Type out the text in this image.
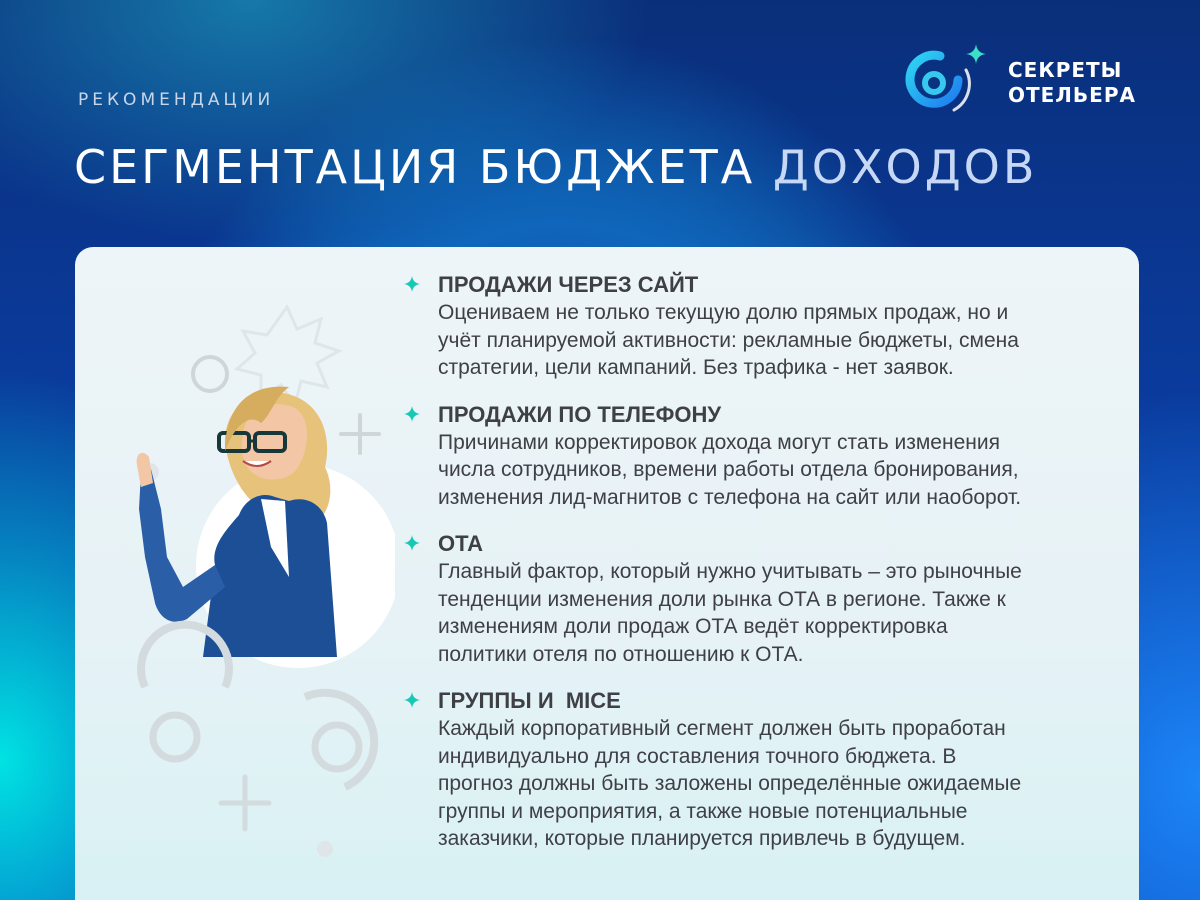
РЕКОМЕНДАЦИИ
СЕГМЕНТАЦИЯ БЮДЖЕТА ДОХОДОВ
СЕКРЕТЫ
ОТЕЛЬЕРА
ПРОДАЖИ ЧЕРЕЗ САЙТ
Оцениваем не только текущую долю прямых продаж, но и
учёт планируемой активности: рекламные бюджеты, смена
стратегии, цели кампаний. Без трафика - нет заявок.
ПРОДАЖИ ПО ТЕЛЕФОНУ
Причинами корректировок дохода могут стать изменения
числа сотрудников, времени работы отдела бронирования,
изменения лид-магнитов с телефона на сайт или наоборот.
ОТА
Главный фактор, который нужно учитывать – это рыночные
тенденции изменения доли рынка ОТА в регионе. Также к
изменениям доли продаж ОТА ведёт корректировка
политики отеля по отношению к ОТА.
ГРУППЫ И  MICE
Каждый корпоративный сегмент должен быть проработан
индивидуально для составления точного бюджета. В
прогноз должны быть заложены определённые ожидаемые
группы и мероприятия, а также новые потенциальные
заказчики, которые планируется привлечь в будущем.
